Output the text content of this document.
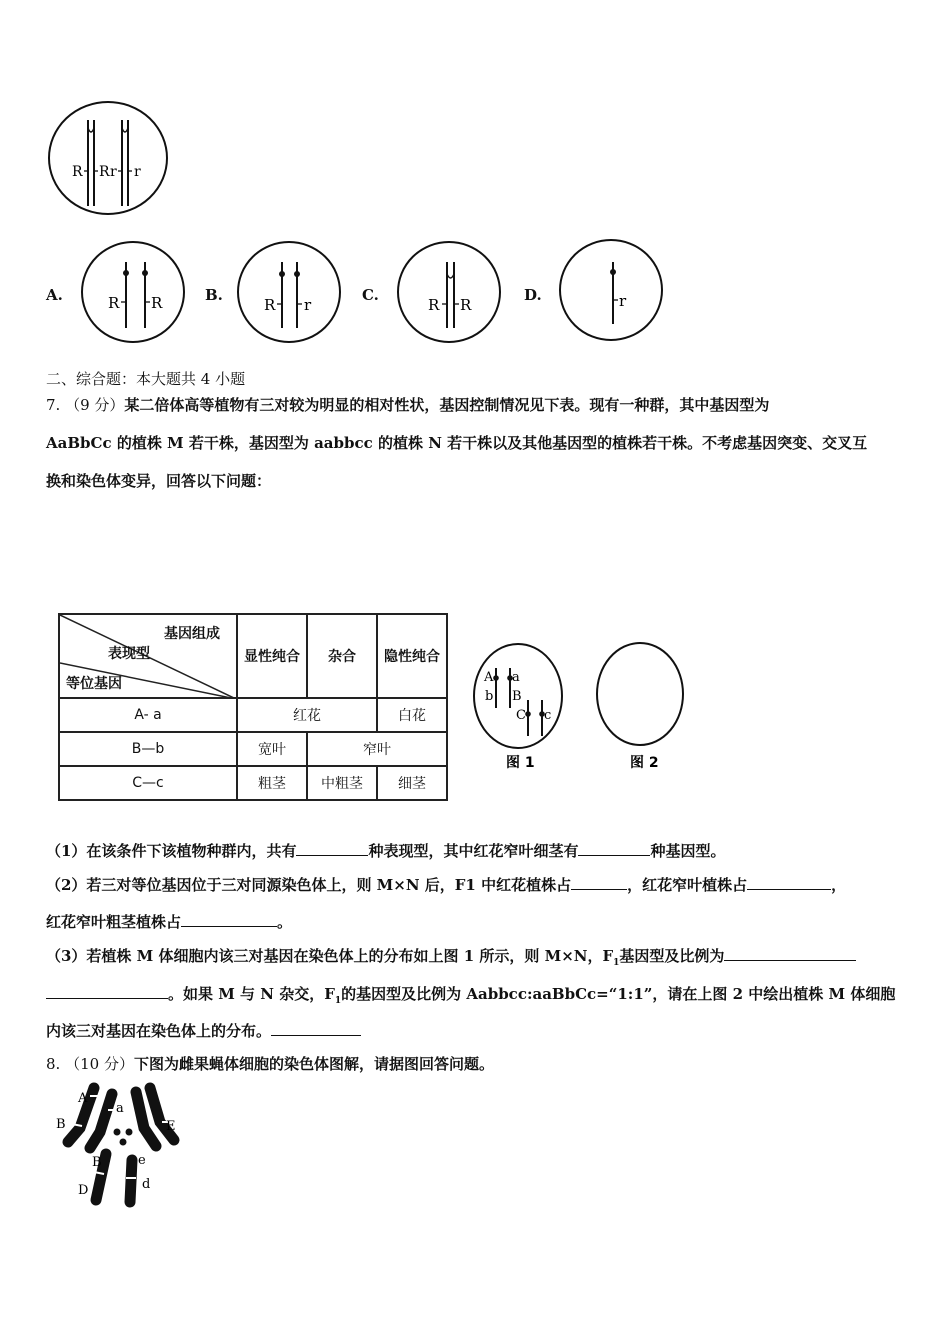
R R r r
A.	R R	B.
R r
C.
R R
D.	r
二、综合题：本大题共 4 小题
7. （9 分）某二倍体高等植物有三对较为明显的相对性状，基因控制情况见下表。现有一种群，其中基因型为
AaBbCc 的植株 M 若干株，基因型为 aabbcc 的植株 N 若干株以及其他基因型的植株若干株。不考虑基因突变、交叉互
换和染色体变异，回答以下问题：
基因组成
表现型
等位基因	显性纯合	杂合	隐性纯合
A- a	红花		白花
B—b	宽叶	窄叶	
C—c	粗茎	中粗茎	细茎
A a
b B
C c
图 1	图 2
（1）在该条件下该植物种群内，共有	种表现型，其中红花窄叶细茎有	种基因型。
（2）若三对等位基因位于三对同源染色体上，则 M×N 后，F1 中红花植株占	，红花窄叶植株占	，
红花窄叶粗茎植株占	。
（3）若植株 M 体细胞内该三对基因在染色体上的分布如上图 1 所示，则 M×N，$F_1$基因型及比例为
。如果 M 与 N 杂交，$F_1$的基因型及比例为 Aabbcc:aaBbCc=“1:1”，请在上图 2 中绘出植株 M 体细胞
内该三对基因在染色体上的分布。
8. （10 分）下图为雌果蝇体细胞的染色体图解，请据图回答问题。
A
a
B	E
B	e
D	d
